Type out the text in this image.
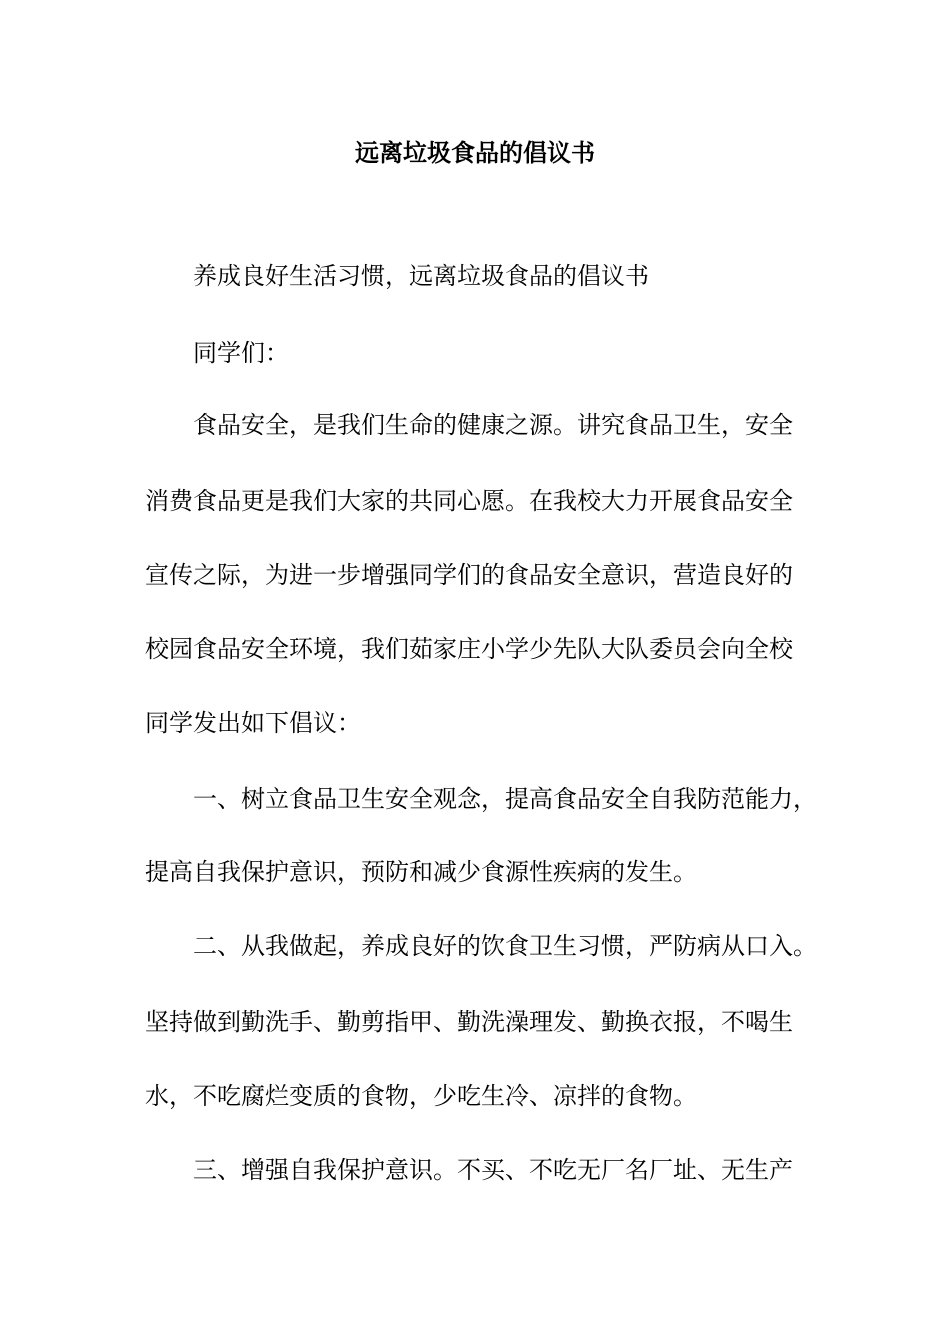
远离垃圾食品的倡议书

养成良好生活习惯，远离垃圾食品的倡议书

同学们：

食品安全，是我们生命的健康之源。讲究食品卫生，安全

消费食品更是我们大家的共同心愿。在我校大力开展食品安全

宣传之际，为进一步增强同学们的食品安全意识，营造良好的

校园食品安全环境，我们茹家庄小学少先队大队委员会向全校

同学发出如下倡议：

一、树立食品卫生安全观念，提高食品安全自我防范能力，

提高自我保护意识，预防和减少食源性疾病的发生。

二、从我做起，养成良好的饮食卫生习惯，严防病从口入。

坚持做到勤洗手、勤剪指甲、勤洗澡理发、勤换衣报，不喝生

水，不吃腐烂变质的食物，少吃生冷、凉拌的食物。

三、增强自我保护意识。不买、不吃无厂名厂址、无生产
